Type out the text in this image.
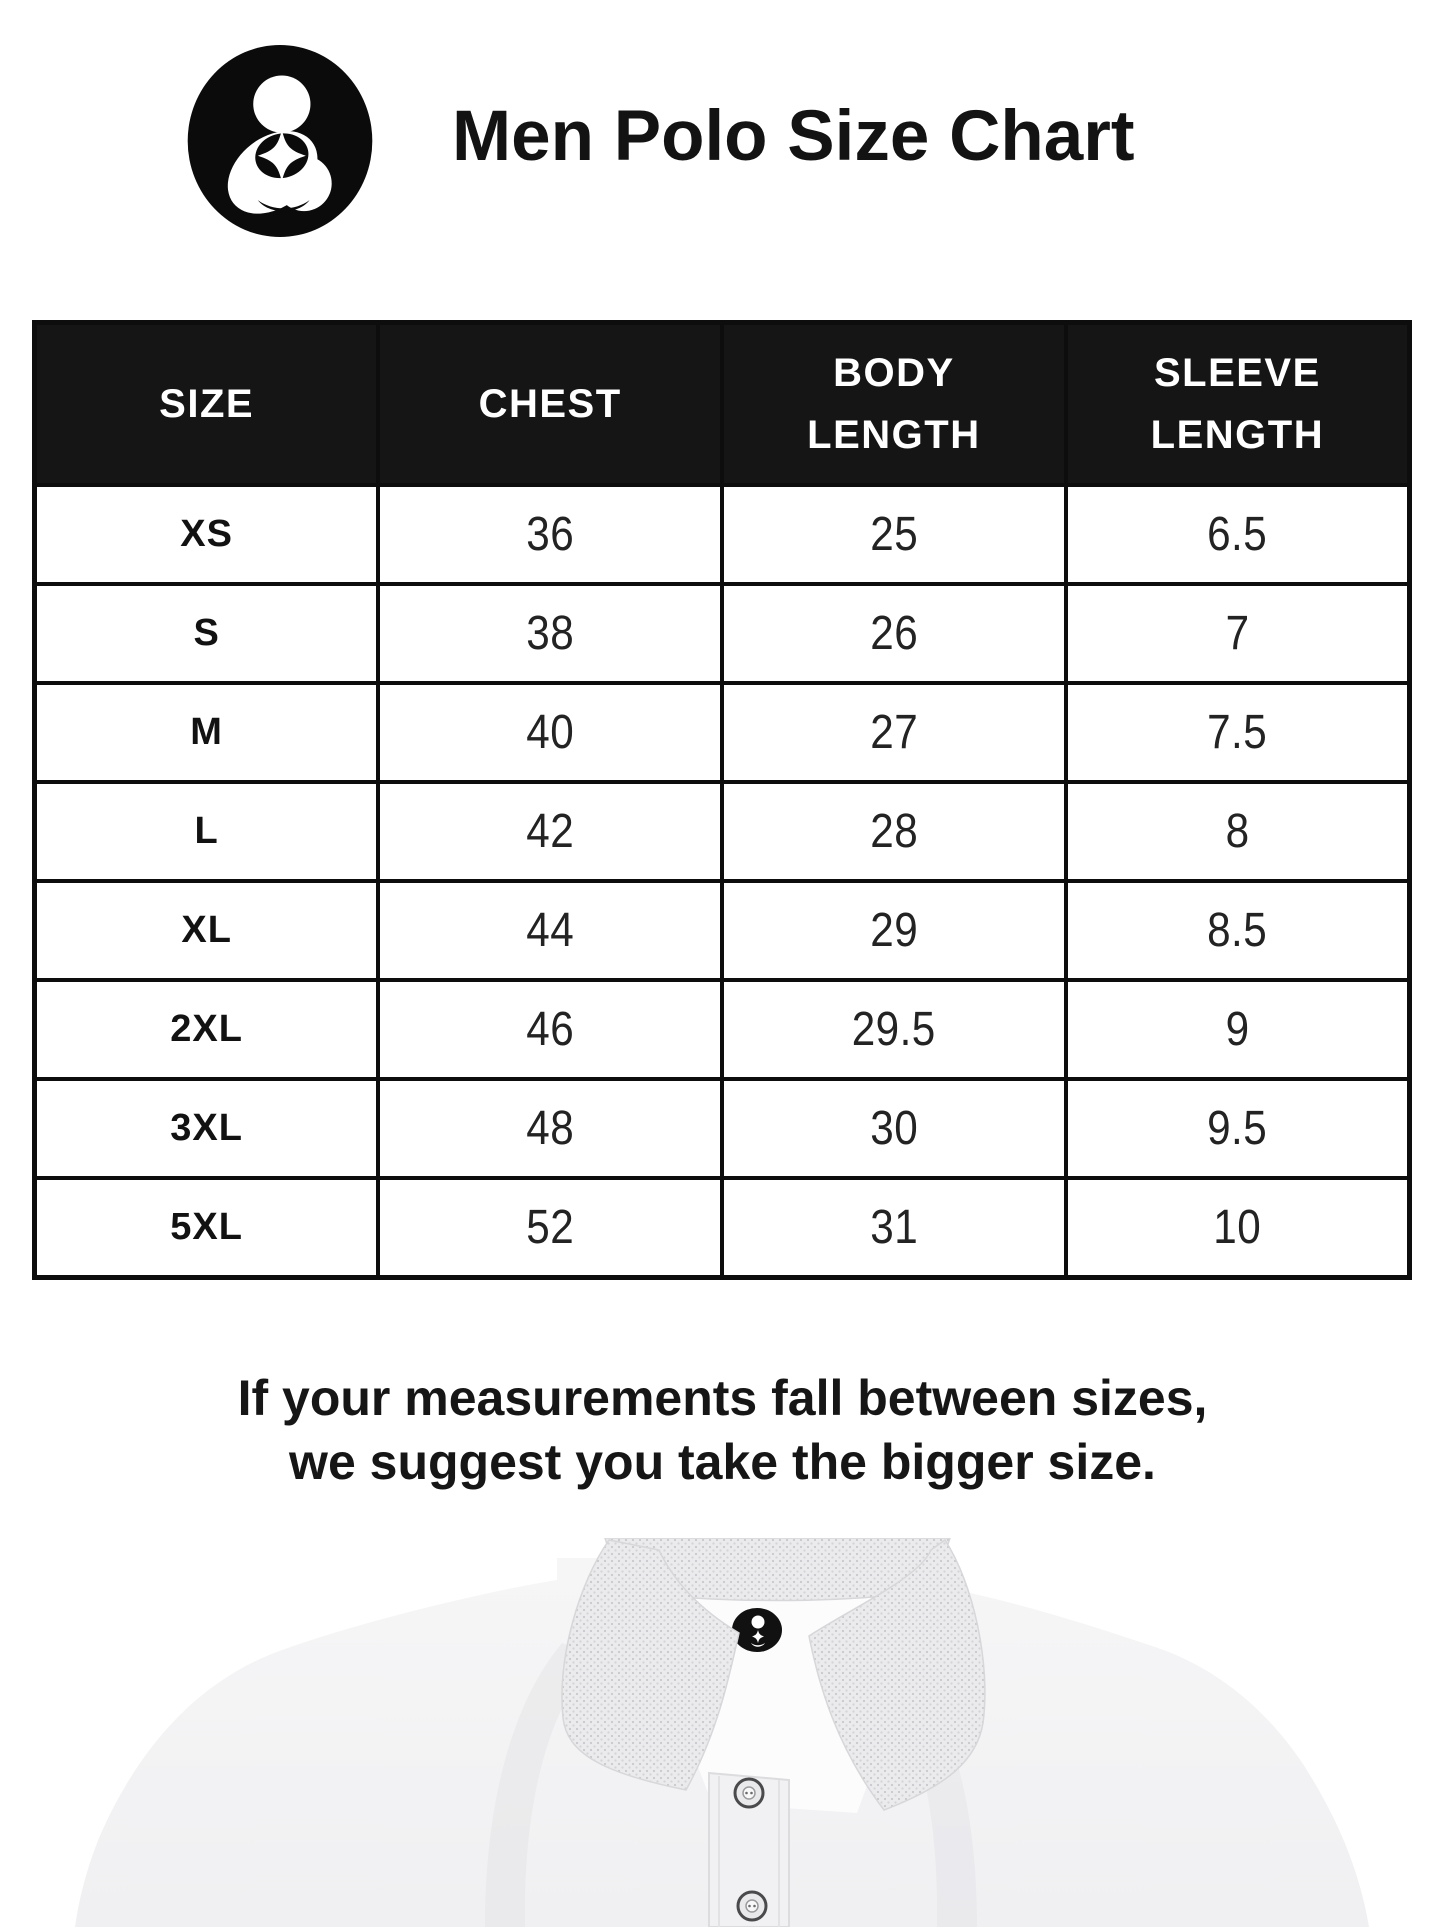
Men Polo Size Chart
SIZE	CHEST	BODY LENGTH	SLEEVE LENGTH
XS	36	25	6.5
S	38	26	7
M	40	27	7.5
L	42	28	8
XL	44	29	8.5
2XL	46	29.5	9
3XL	48	30	9.5
5XL	52	31	10
If your measurements fall between sizes,
we suggest you take the bigger size.
